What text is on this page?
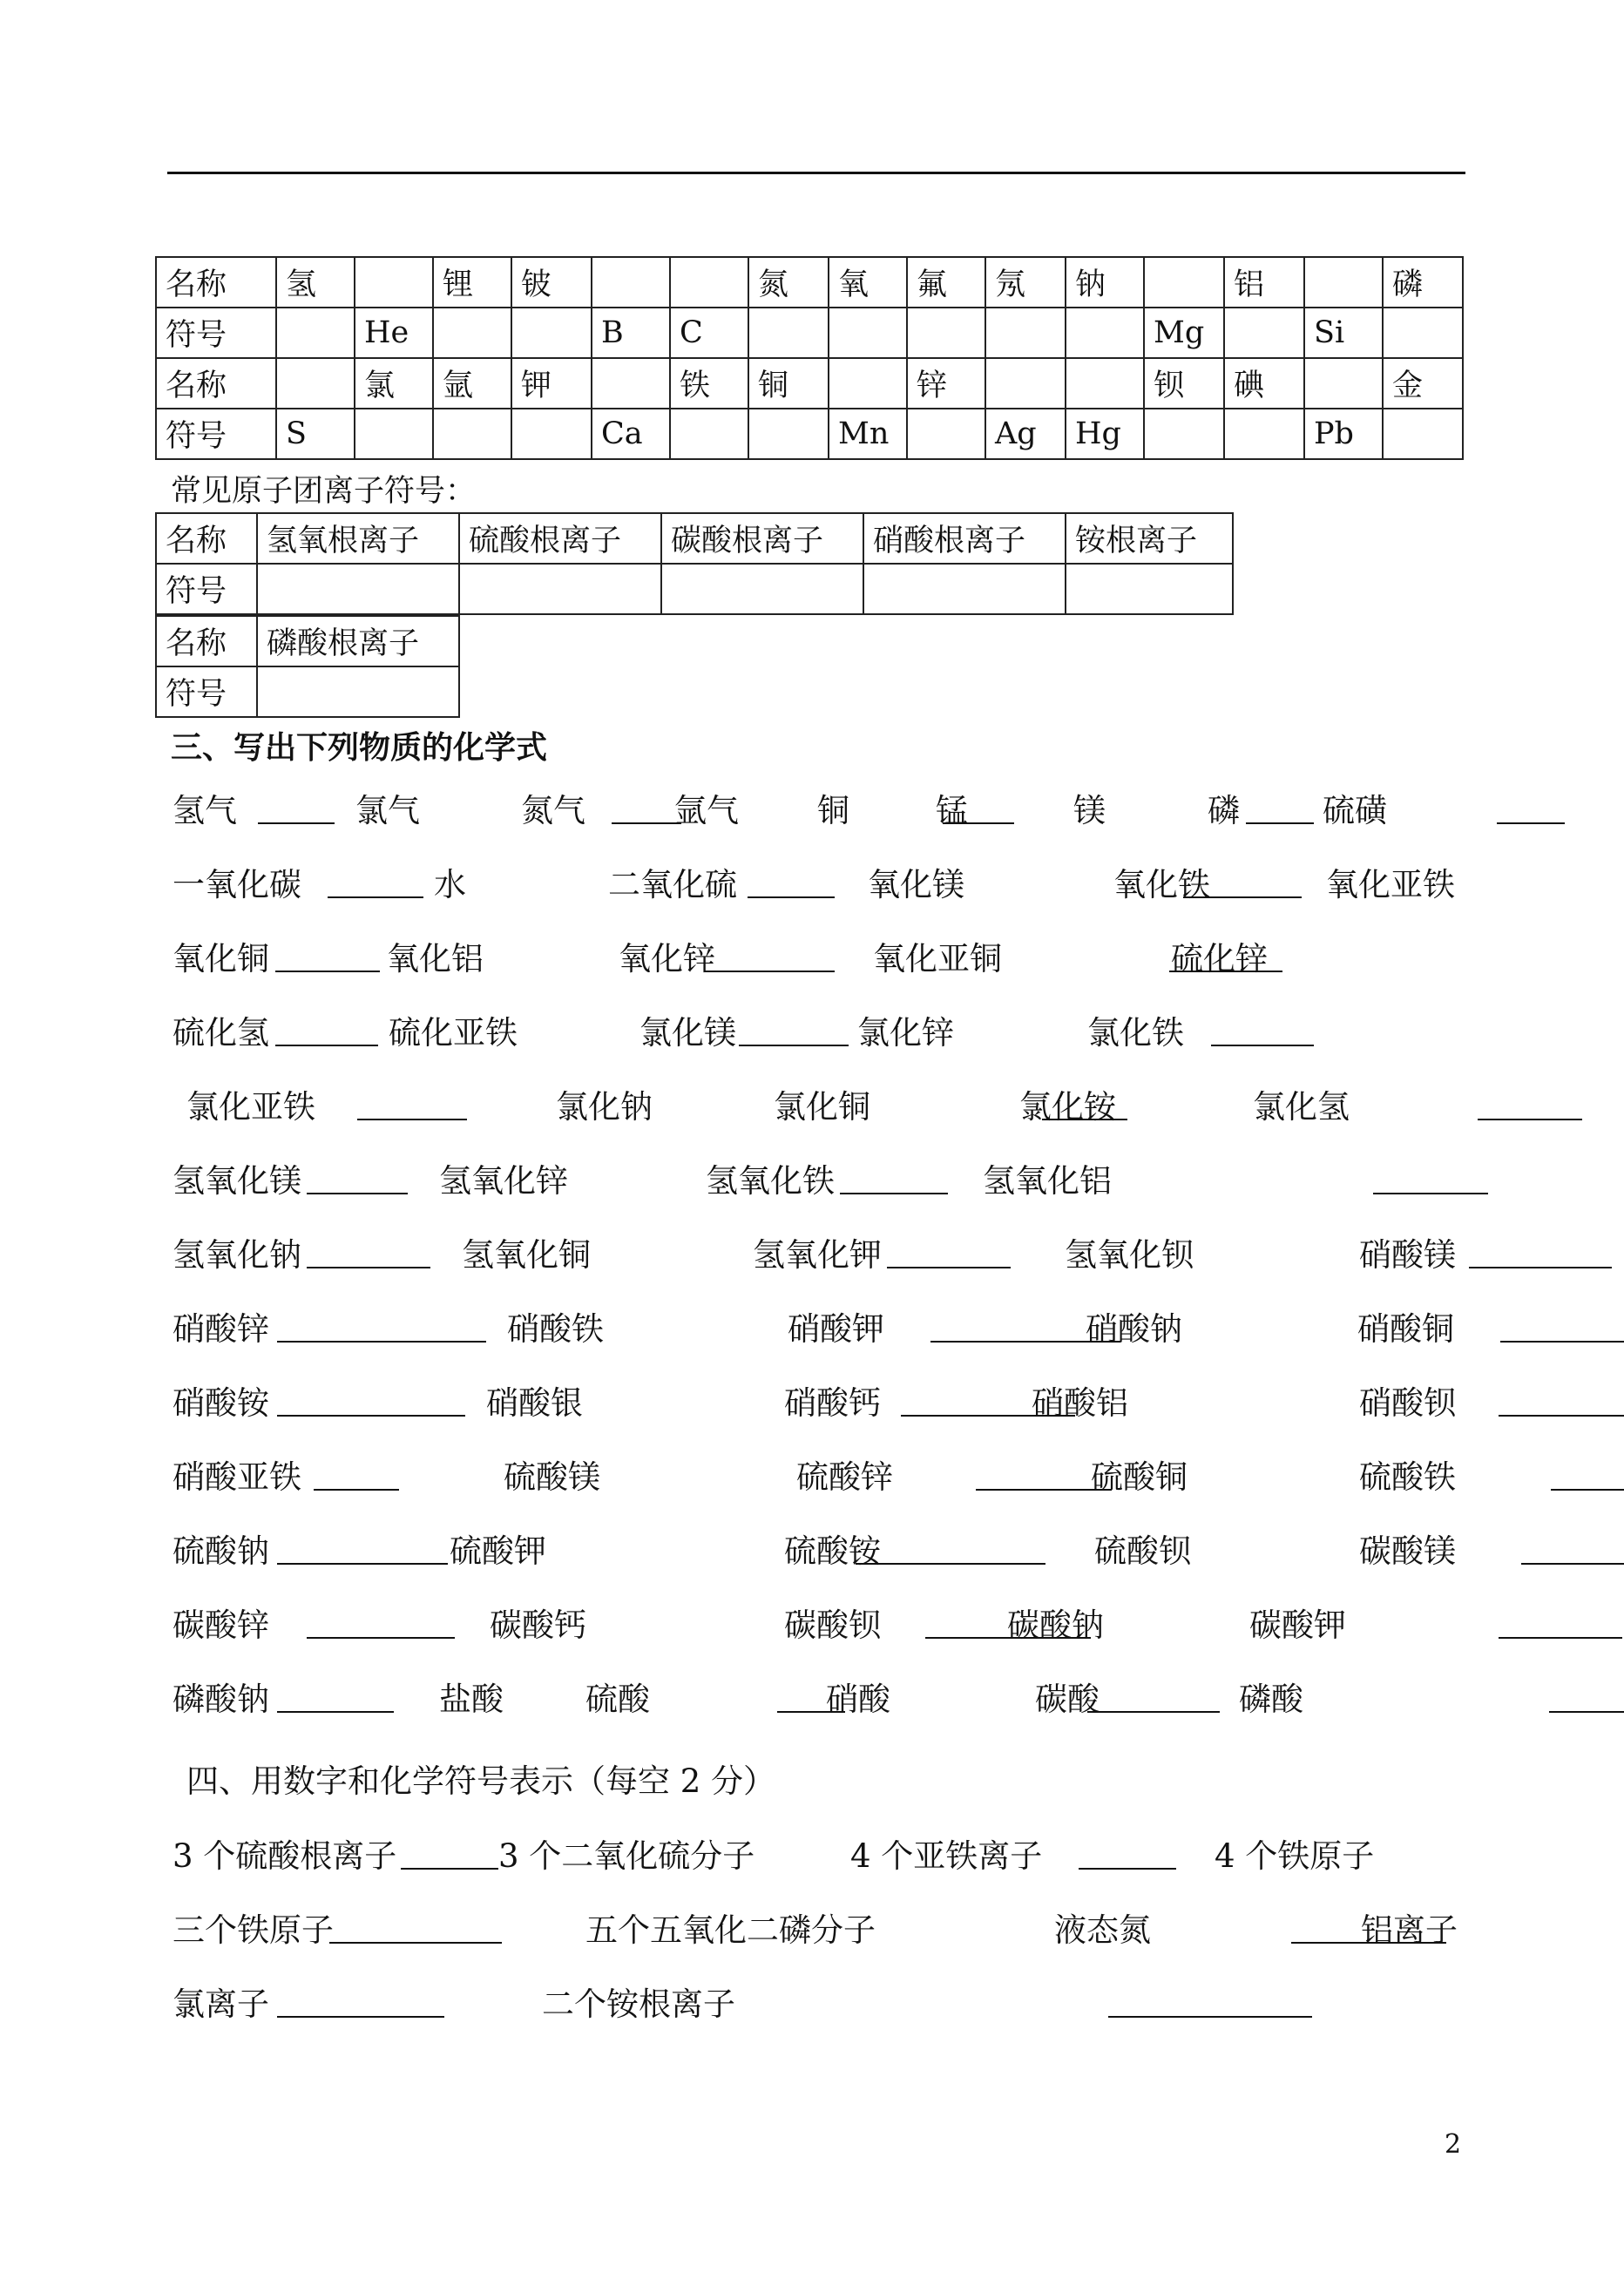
名称	氢		锂	铍			氮	氧	氟	氖	钠		铝		磷
符号		He			B	C						Mg		Si	
名称		氯	氩	钾		铁	铜		锌			钡	碘		金
符号	S				Ca			Mn		Ag	Hg			Pb	
常见原子团离子符号：
名称	氢氧根离子	硫酸根离子	碳酸根离子	硝酸根离子	铵根离子
符号					
名称	磷酸根离子
符号	
三、写出下列物质的化学式
氢气	氯气	氮气	氩气 铜	锰	镁	磷	硫磺
一氧化碳	水	二氧化硫	氧化镁	氧化铁	氧化亚铁
氧化铜	氧化铝	氧化锌	氧化亚铜	硫化锌
硫化氢	硫化亚铁	氯化镁	氯化锌	氯化铁
氯化亚铁	氯化钠	氯化铜	氯化铵	氯化氢
氢氧化镁	氢氧化锌	氢氧化铁	氢氧化铝
氢氧化钠	氢氧化铜	氢氧化钾	氢氧化钡	硝酸镁
硝酸锌	硝酸铁	硝酸钾	硝酸钠	硝酸铜
硝酸铵	硝酸银	硝酸钙	硝酸铝	硝酸钡
硝酸亚铁	硫酸镁	硫酸锌	硫酸铜	硫酸铁
硫酸钠	硫酸钾	硫酸铵	硫酸钡	碳酸镁
碳酸锌	碳酸钙	碳酸钡	碳酸钠	碳酸钾
磷酸钠	盐酸	硫酸	硝酸	碳酸	磷酸
四、用数字和化学符号表示（每空 2 分）
3 个硫酸根离子	3 个二氧化硫分子	4 个亚铁离子	4 个铁原子
三个铁原子	五个五氧化二磷分子	液态氮	铝离子
氯离子	二个铵根离子
2
